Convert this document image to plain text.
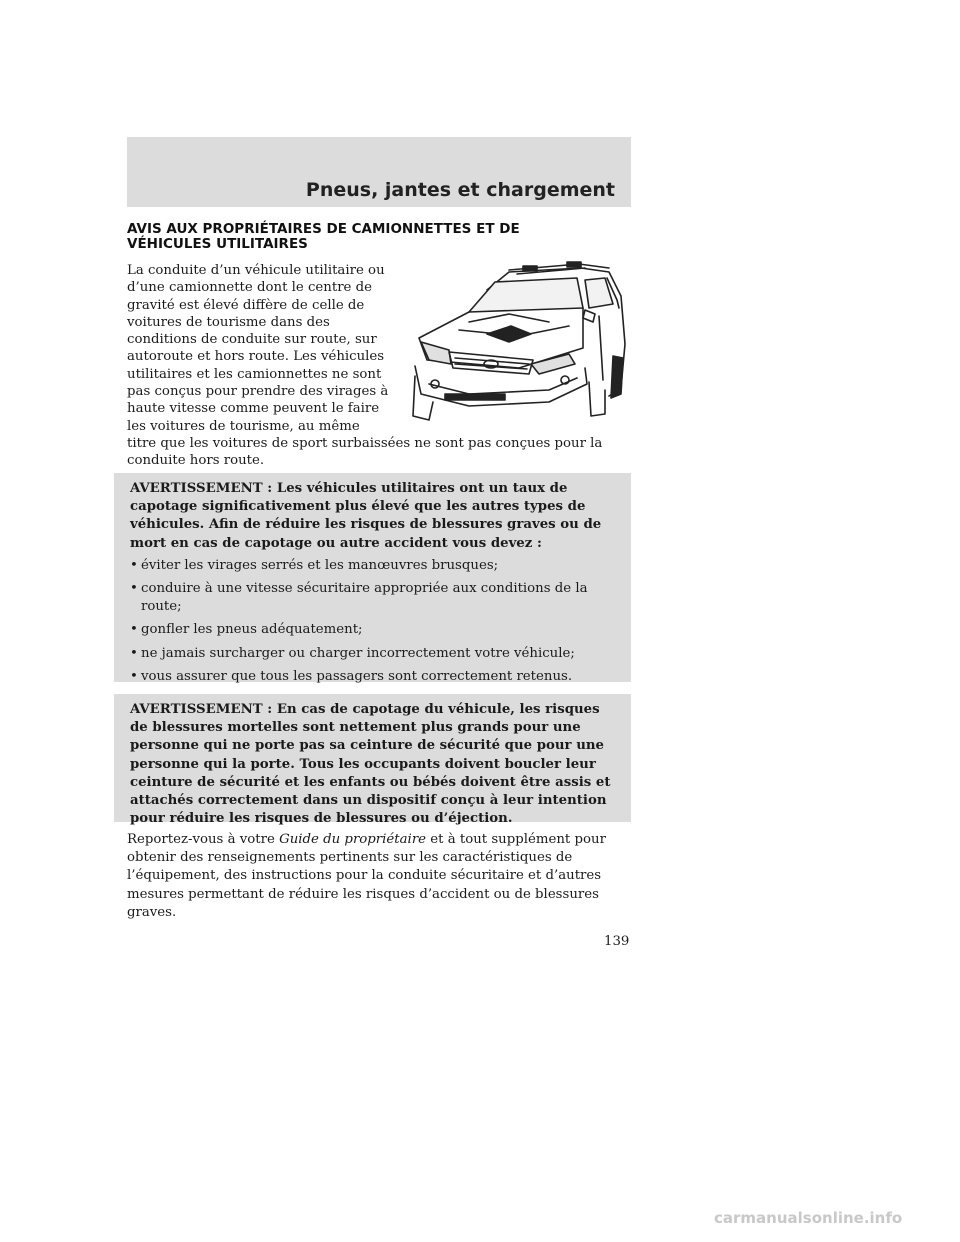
Pneus, jantes et chargement
AVIS AUX PROPRIÉTAIRES DE CAMIONNETTES ET DE
VÉHICULES UTILITAIRES
La conduite d’un véhicule utilitaire ou d’une camionnette dont le centre de gravité est élevé diffère de celle de voitures de tourisme dans des conditions de conduite sur route, sur autoroute et hors route. Les véhicules utilitaires et les camionnettes ne sont pas conçus pour prendre des virages à haute vitesse comme peuvent le faire les voitures de tourisme, au même titre que les voitures de sport surbaissées ne sont pas conçues pour la conduite hors route.

AVERTISSEMENT : Les véhicules utilitaires ont un taux de capotage significativement plus élevé que les autres types de véhicules. Afin de réduire les risques de blessures graves ou de mort en cas de capotage ou autre accident vous devez :

• éviter les virages serrés et les manœuvres brusques;
• conduire à une vitesse sécuritaire appropriée aux conditions de la route;
• gonfler les pneus adéquatement;
• ne jamais surcharger ou charger incorrectement votre véhicule;
• vous assurer que tous les passagers sont correctement retenus.

AVERTISSEMENT : En cas de capotage du véhicule, les risques de blessures mortelles sont nettement plus grands pour une personne qui ne porte pas sa ceinture de sécurité que pour une personne qui la porte. Tous les occupants doivent boucler leur ceinture de sécurité et les enfants ou bébés doivent être assis et attachés correctement dans un dispositif conçu à leur intention pour réduire les risques de blessures ou d’éjection.

Reportez-vous à votre Guide du propriétaire et à tout supplément pour obtenir des renseignements pertinents sur les caractéristiques de l’équipement, des instructions pour la conduite sécuritaire et d’autres mesures permettant de réduire les risques d’accident ou de blessures graves.

139
carmanualsonline.info
